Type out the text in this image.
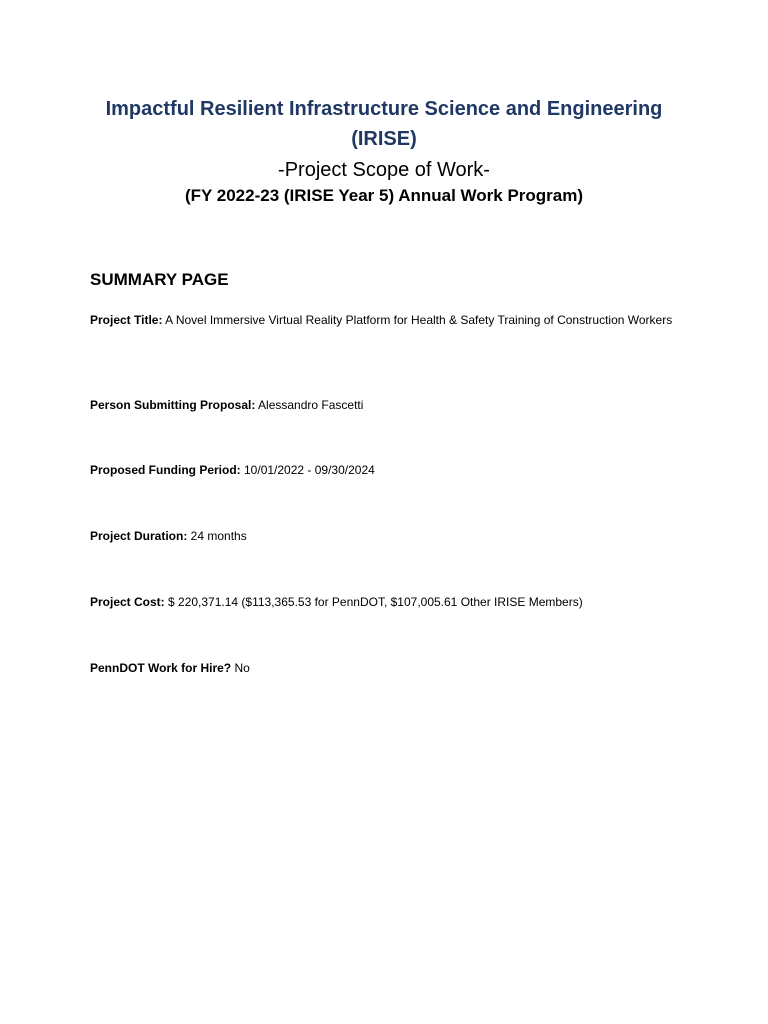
Impactful Resilient Infrastructure Science and Engineering (IRISE)

-Project Scope of Work-

(FY 2022-23 (IRISE Year 5) Annual Work Program)

SUMMARY PAGE

Project Title: A Novel Immersive Virtual Reality Platform for Health & Safety Training of Construction Workers

Person Submitting Proposal: Alessandro Fascetti

Proposed Funding Period: 10/01/2022 - 09/30/2024

Project Duration: 24 months

Project Cost: $ 220,371.14 ($113,365.53 for PennDOT, $107,005.61 Other IRISE Members)

PennDOT Work for Hire? No
